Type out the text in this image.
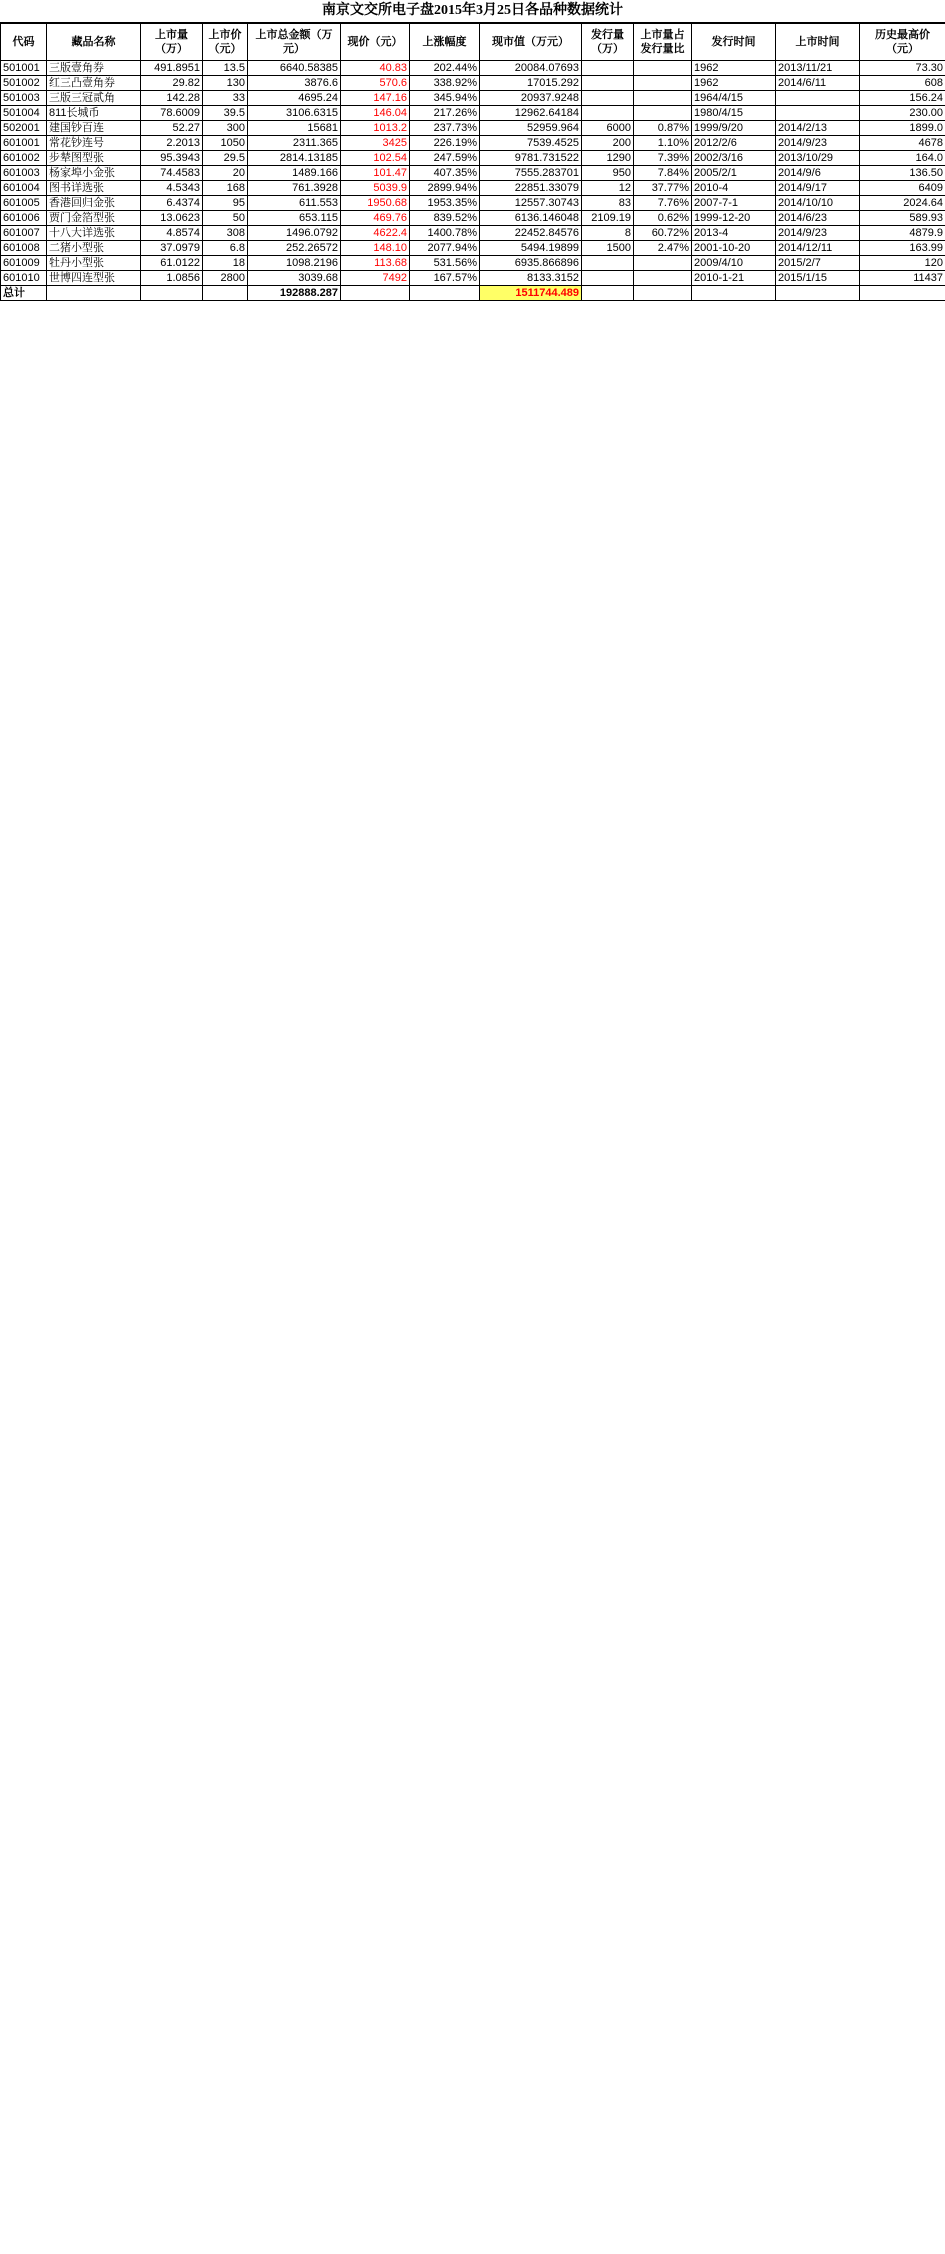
南京文交所电子盘2015年3月25日各品种数据统计
代码	藏品名称	上市量（万）	上市价（元）	上市总金额（万元）	现价（元）	上涨幅度	现市值（万元）	发行量（万）	上市量占发行量比	发行时间	上市时间	历史最高价（元）
501001	三版壹角券	491.8951	13.5	6640.58385	40.83	202.44%	20084.07693			1962	2013/11/21	73.30
501002	红三凸壹角券	29.82	130	3876.6	570.6	338.92%	17015.292			1962	2014/6/11	608
501003	三版三冠贰角	142.28	33	4695.24	147.16	345.94%	20937.9248			1964/4/15		156.24
501004	811长城币	78.6009	39.5	3106.6315	146.04	217.26%	12962.64184			1980/4/15		230.00
502001	建国钞百连	52.27	300	15681	1013.2	237.73%	52959.964	6000	0.87%	1999/9/20	2014/2/13	1899.0
601001	常花钞连号	2.2013	1050	2311.365	3425	226.19%	7539.4525	200	1.10%	2012/2/6	2014/9/23	4678
601002	步辇图型张	95.3943	29.5	2814.13185	102.54	247.59%	9781.731522	1290	7.39%	2002/3/16	2013/10/29	164.0
601003	杨家埠小金张	74.4583	20	1489.166	101.47	407.35%	7555.283701	950	7.84%	2005/2/1	2014/9/6	136.50
601004	图书详选张	4.5343	168	761.3928	5039.9	2899.94%	22851.33079	12	37.77%	2010-4	2014/9/17	6409
601005	香港回归金张	6.4374	95	611.553	1950.68	1953.35%	12557.30743	83	7.76%	2007-7-1	2014/10/10	2024.64
601006	贾门金箔型张	13.0623	50	653.115	469.76	839.52%	6136.146048	2109.19	0.62%	1999-12-20	2014/6/23	589.93
601007	十八大详选张	4.8574	308	1496.0792	4622.4	1400.78%	22452.84576	8	60.72%	2013-4	2014/9/23	4879.9
601008	二猪小型张	37.0979	6.8	252.26572	148.10	2077.94%	5494.19899	1500	2.47%	2001-10-20	2014/12/11	163.99
601009	牡丹小型张	61.0122	18	1098.2196	113.68	531.56%	6935.866896			2009/4/10	2015/2/7	120
601010	世博四连型张	1.0856	2800	3039.68	7492	167.57%	8133.3152			2010-1-21	2015/1/15	11437
总计				192888.287			1511744.489					
